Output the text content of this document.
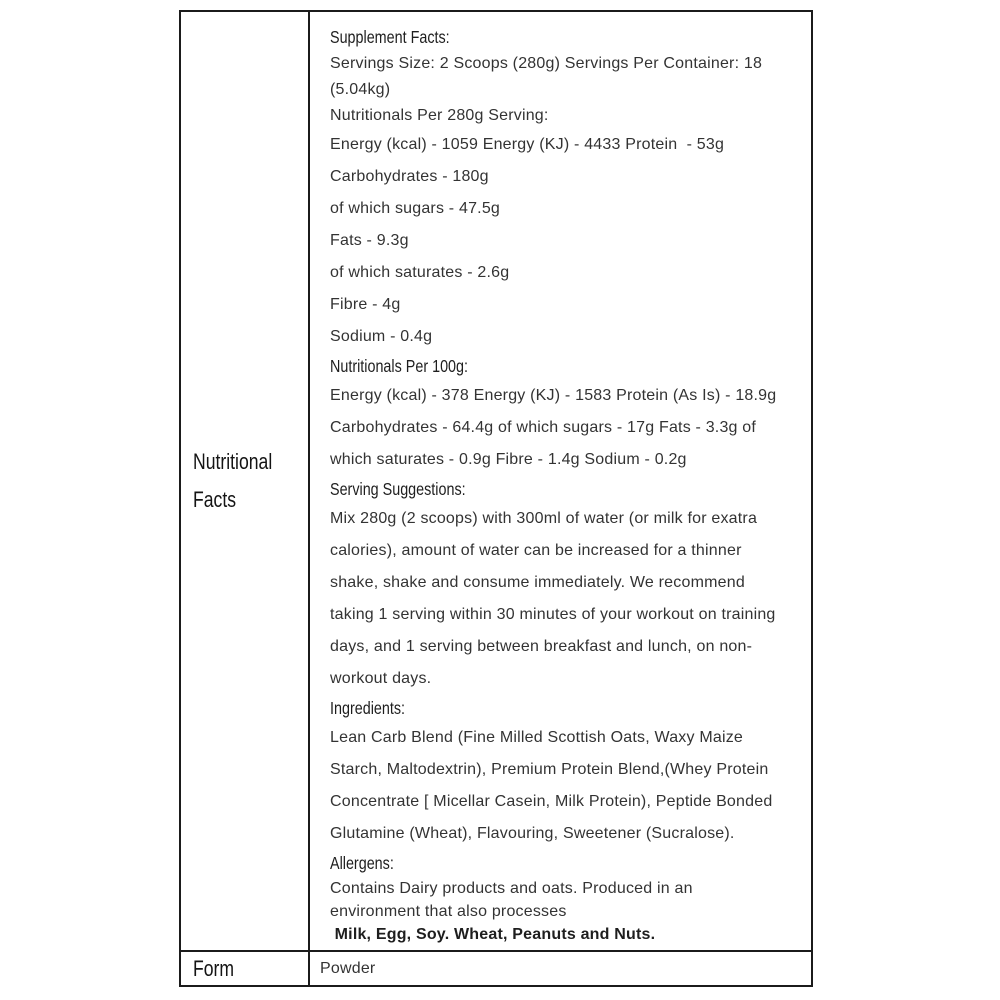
Nutritional
Facts
Supplement Facts:
Servings Size: 2 Scoops (280g) Servings Per Container: 18
(5.04kg)
Nutritionals Per 280g Serving:
Energy (kcal) - 1059 Energy (KJ) - 4433 Protein  - 53g
Carbohydrates - 180g
of which sugars - 47.5g
Fats - 9.3g
of which saturates - 2.6g
Fibre - 4g
Sodium - 0.4g
Nutritionals Per 100g:
Energy (kcal) - 378 Energy (KJ) - 1583 Protein (As Is) - 18.9g
Carbohydrates - 64.4g of which sugars - 17g Fats - 3.3g of
which saturates - 0.9g Fibre - 1.4g Sodium - 0.2g
Serving Suggestions:
Mix 280g (2 scoops) with 300ml of water (or milk for exatra
calories), amount of water can be increased for a thinner
shake, shake and consume immediately. We recommend
taking 1 serving within 30 minutes of your workout on training
days, and 1 serving between breakfast and lunch, on non-
workout days.
Ingredients:
Lean Carb Blend (Fine Milled Scottish Oats, Waxy Maize
Starch, Maltodextrin), Premium Protein Blend,(Whey Protein
Concentrate [ Micellar Casein, Milk Protein), Peptide Bonded
Glutamine (Wheat), Flavouring, Sweetener (Sucralose).
Allergens:
Contains Dairy products and oats. Produced in an
environment that also processes
Milk, Egg, Soy. Wheat, Peanuts and Nuts.
Form	Powder
